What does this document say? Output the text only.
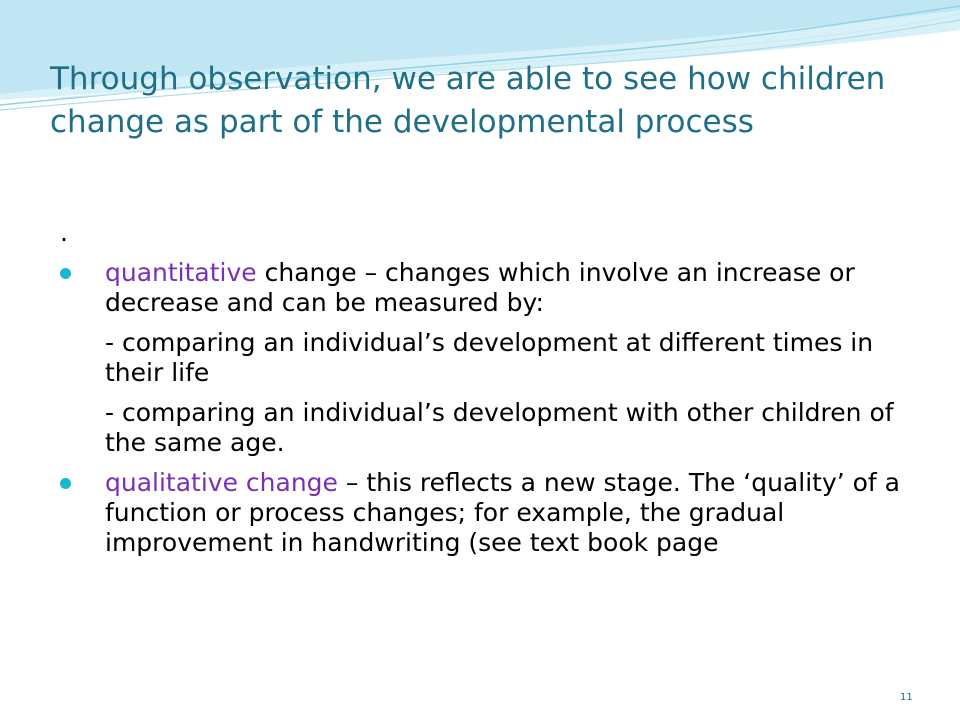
Through observation, we are able to see how children change as part of the developmental process
.

quantitative change – changes which involve an increase or decrease and can be measured by:

- comparing an individual’s development at different times in their life
- comparing an individual’s development with other children of the same age.

qualitative change – this reflects a new stage. The ‘quality’ of a function or process changes; for example, the gradual improvement in handwriting (see text book page

11
